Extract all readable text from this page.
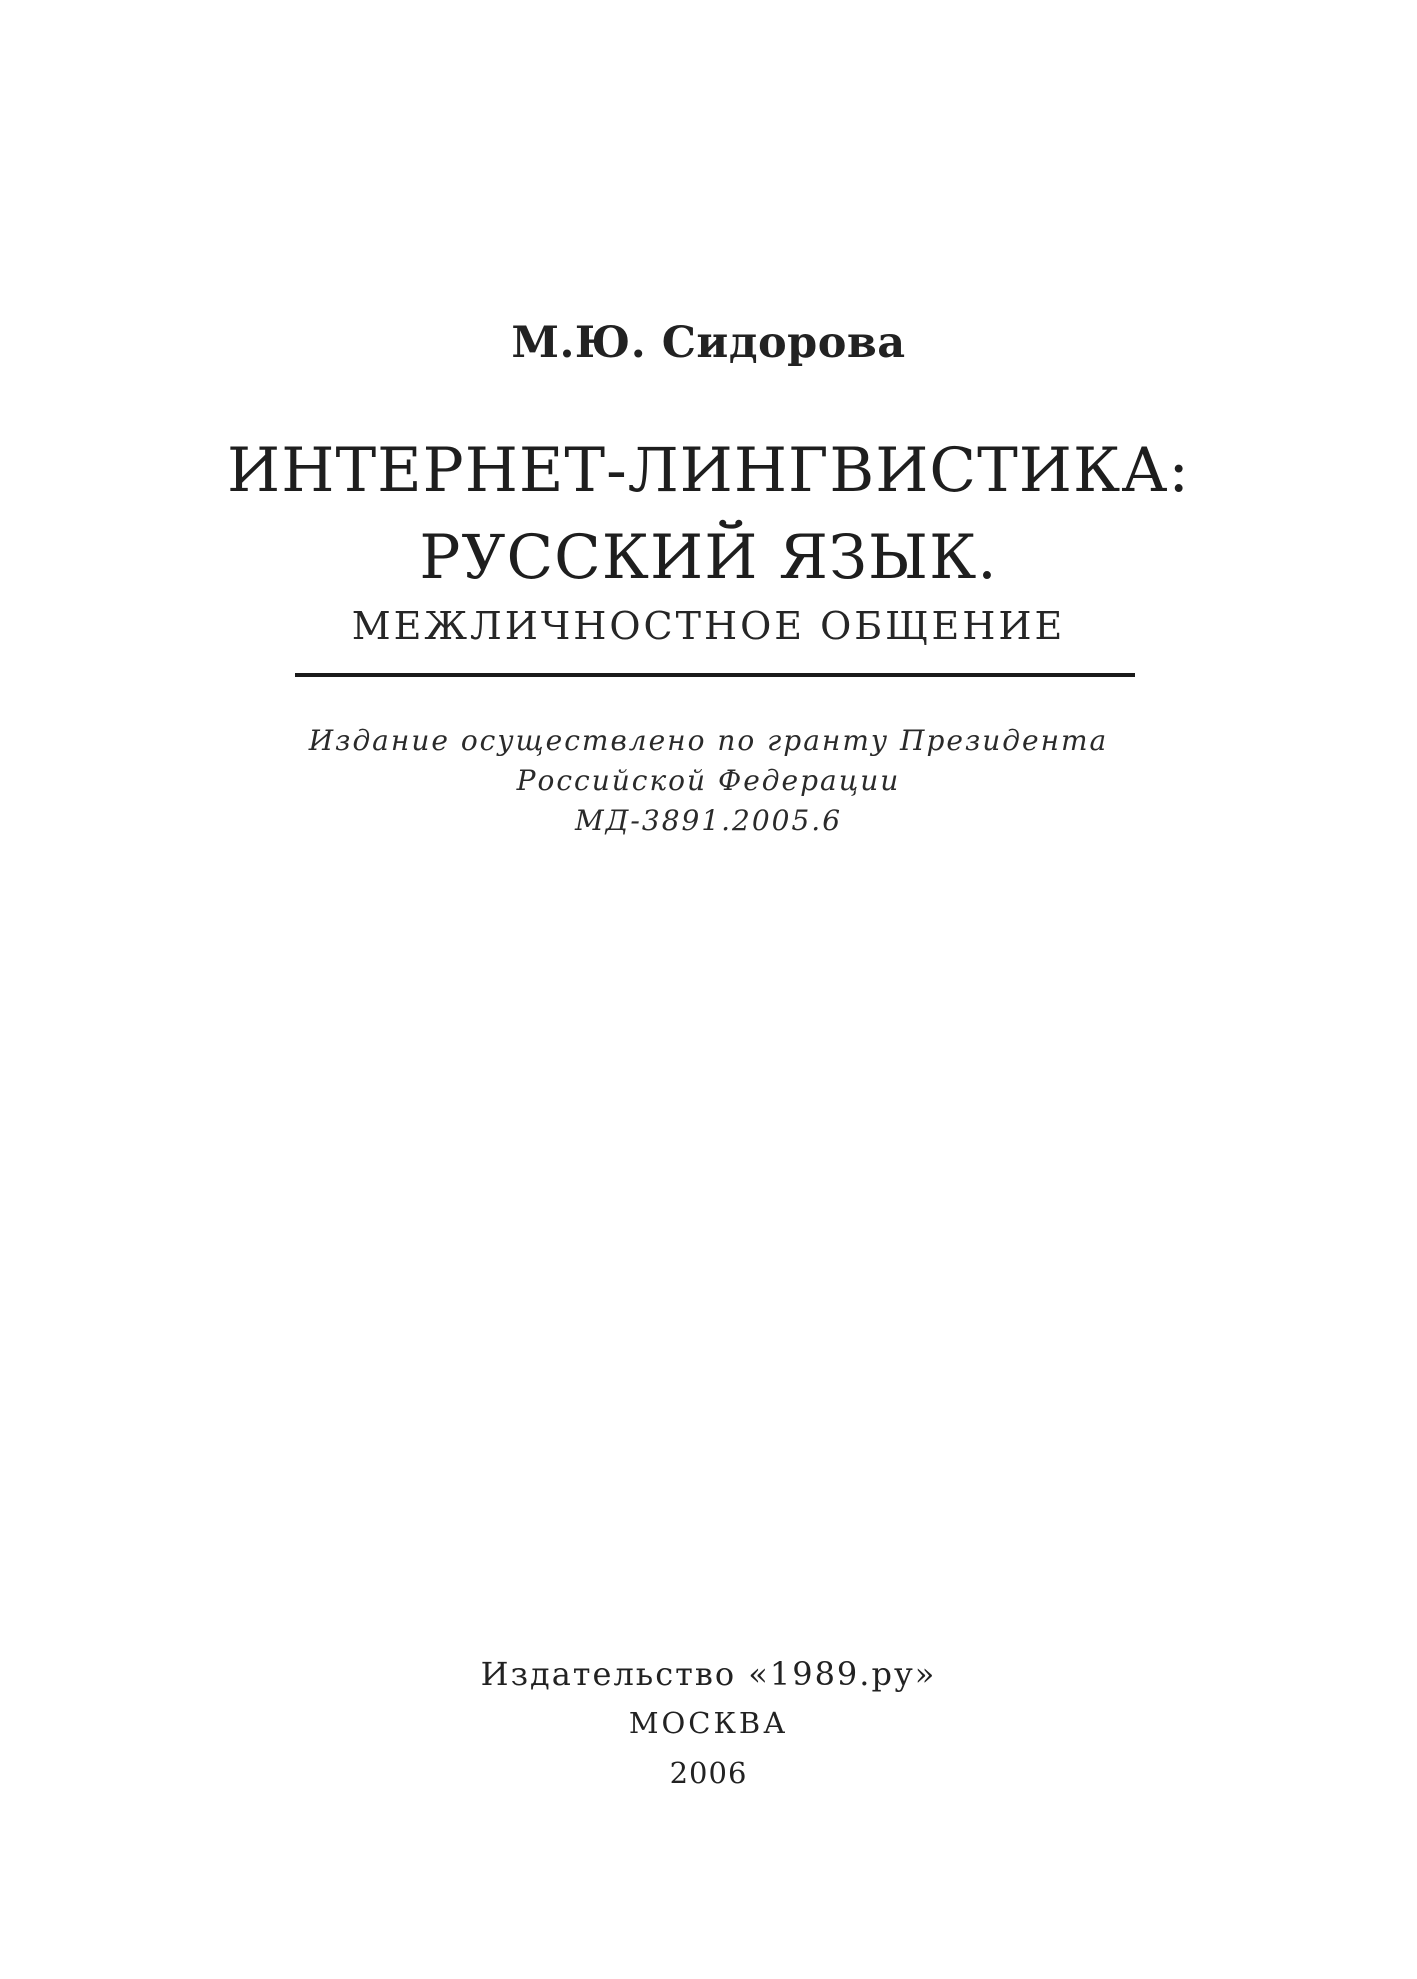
М.Ю. Сидорова
ИНТЕРНЕТ-ЛИНГВИСТИКА:
РУССКИЙ ЯЗЫК.
МЕЖЛИЧНОСТНОЕ ОБЩЕНИЕ
Издание осуществлено по гранту Президента
Российской Федерации
МД-3891.2005.6
Издательство «1989.ру»
МОСКВА
2006
